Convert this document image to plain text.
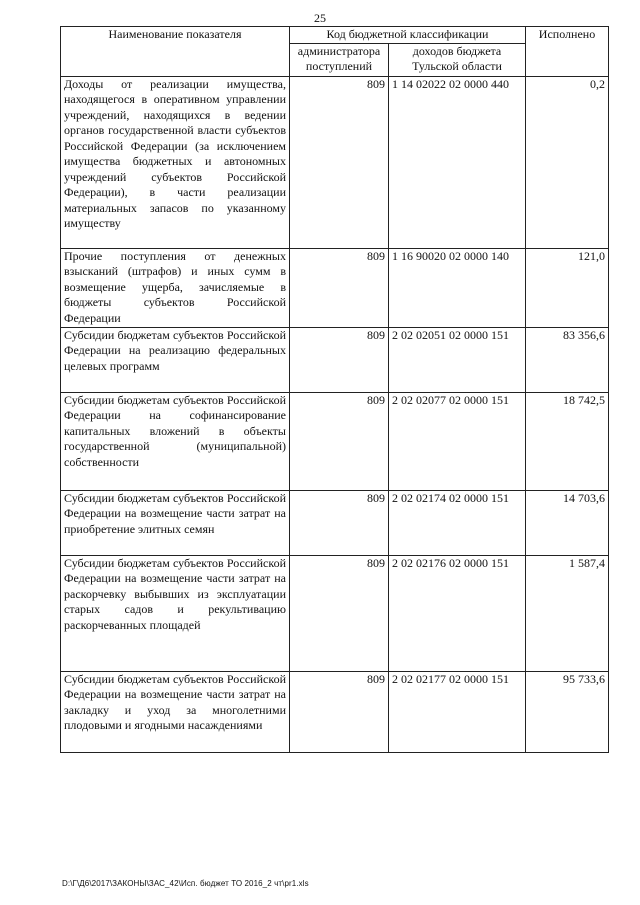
25
Наименование показателя	Код бюджетной классификации		Исполнено
	администратора поступлений	доходов бюджета Тульской области	
Доходы от реализации имущества, находящегося в оперативном управлении учреждений, находящихся в ведении органов государственной власти субъектов Российской Федерации (за исключением имущества бюджетных и автономных учреждений субъектов Российской Федерации), в части реализации материальных запасов по указанному имуществу	809	1 14 02022 02 0000 440	0,2
Прочие поступления от денежных взысканий (штрафов) и иных сумм в возмещение ущерба, зачисляемые в бюджеты субъектов Российской Федерации	809	1 16 90020 02 0000 140	121,0
Субсидии бюджетам субъектов Российской Федерации на реализацию федеральных целевых программ	809	2 02 02051 02 0000 151	83 356,6
Субсидии бюджетам субъектов Российской Федерации на софинансирование капитальных вложений в объекты государственной (муниципальной) собственности	809	2 02 02077 02 0000 151	18 742,5
Субсидии бюджетам субъектов Российской Федерации на возмещение части затрат на приобретение элитных семян	809	2 02 02174 02 0000 151	14 703,6
Субсидии бюджетам субъектов Российской Федерации на возмещение части затрат на раскорчевку выбывших из эксплуатации старых садов и рекультивацию раскорчеванных площадей	809	2 02 02176 02 0000 151	1 587,4
Субсидии бюджетам субъектов Российской Федерации на возмещение части затрат на закладку и уход за многолетними плодовыми и ягодными насаждениями	809	2 02 02177 02 0000 151	95 733,6
D:\Г\Д6\2017\ЗАКОНЫ\ЗАС_42\Исп. бюджет ТО 2016_2 чт\pr1.xls
